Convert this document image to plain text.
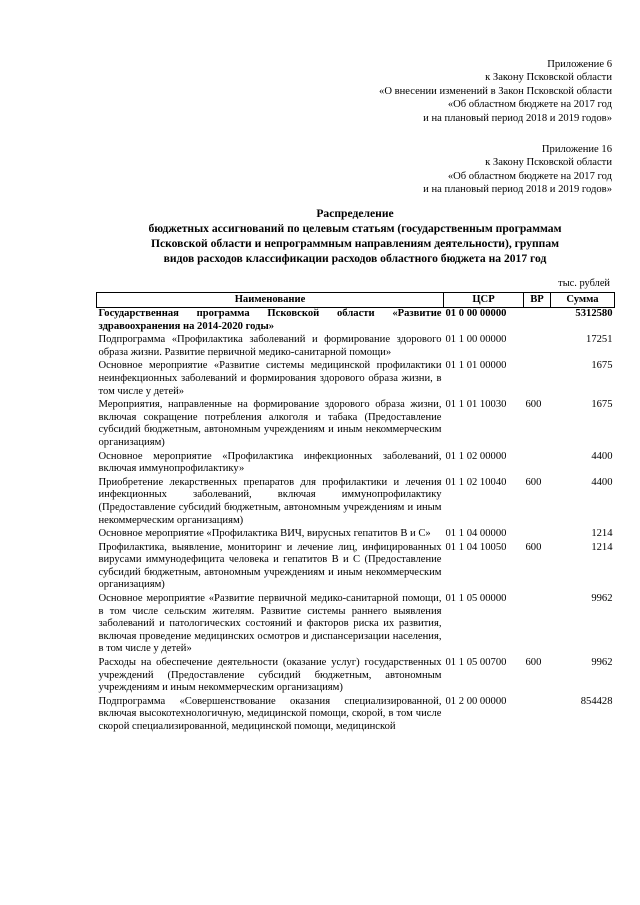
Приложение 6
к Закону Псковской области
«О внесении изменений в Закон Псковской области
«Об областном бюджете на 2017 год
и на плановый период 2018 и 2019 годов»
Приложение 16
к Закону Псковской области
«Об областном бюджете на 2017 год
и на плановый период 2018 и 2019 годов»
Распределение
бюджетных ассигнований по целевым статьям (государственным программам
Псковской области и непрограммным направлениям деятельности), группам
видов расходов классификации расходов областного бюджета на 2017 год
тыс. рублей
Наименование	ЦСР	ВР	Сумма
Государственная программа Псковской области «Развитие здравоохранения на 2014-2020 годы»	01 0 00 00000		5312580
Подпрограмма «Профилактика заболеваний и формирование здорового образа жизни. Развитие первичной медико-санитарной помощи»	01 1 00 00000		17251
Основное мероприятие «Развитие системы медицинской профилактики неинфекционных заболеваний и формирования здорового образа жизни, в том числе у детей»	01 1 01 00000		1675
Мероприятия, направленные на формирование здорового образа жизни, включая сокращение потребления алкоголя и табака (Предоставление субсидий бюджетным, автономным учреждениям и иным некоммерческим организациям)	01 1 01 10030	600	1675
Основное мероприятие «Профилактика инфекционных заболеваний, включая иммунопрофилактику»	01 1 02 00000		4400
Приобретение лекарственных препаратов для профилактики и лечения инфекционных заболеваний, включая иммунопрофилактику (Предоставление субсидий бюджетным, автономным учреждениям и иным некоммерческим организациям)	01 1 02 10040	600	4400
Основное мероприятие «Профилактика ВИЧ, вирусных гепатитов В и С»	01 1 04 00000		1214
Профилактика, выявление, мониторинг и лечение лиц, инфицированных вирусами иммунодефицита человека и гепатитов В и С (Предоставление субсидий бюджетным, автономным учреждениям и иным некоммерческим организациям)	01 1 04 10050	600	1214
Основное мероприятие «Развитие первичной медико-санитарной помощи, в том числе сельским жителям. Развитие системы раннего выявления заболеваний и патологических состояний и факторов риска их развития, включая проведение медицинских осмотров и диспансеризации населения, в том числе у детей»	01 1 05 00000		9962
Расходы на обеспечение деятельности (оказание услуг) государственных учреждений (Предоставление субсидий бюджетным, автономным учреждениям и иным некоммерческим организациям)	01 1 05 00700	600	9962
Подпрограмма «Совершенствование оказания специализированной, включая высокотехнологичную, медицинской помощи, скорой, в том числе скорой специализированной, медицинской помощи, медицинской	01 2 00 00000		854428
